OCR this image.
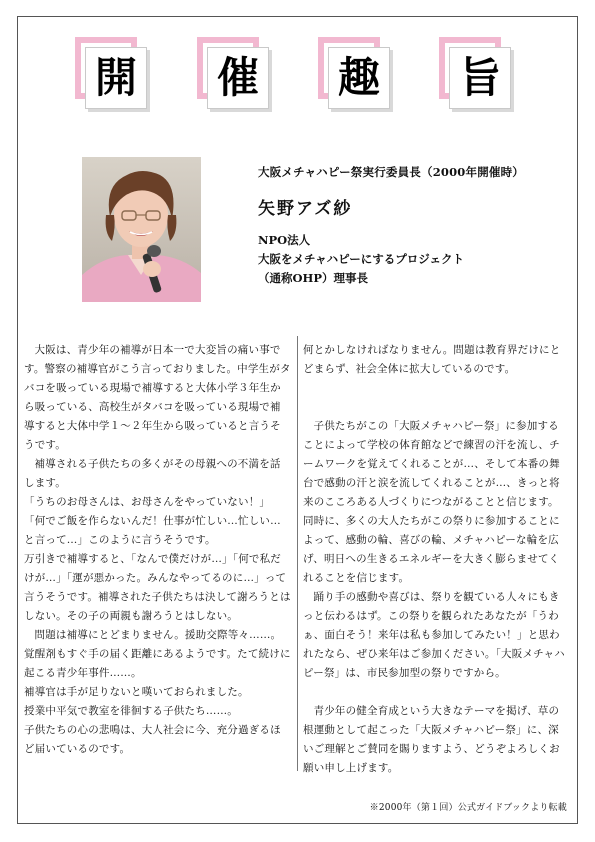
開 催 趣 旨
大阪メチャハピー祭実行委員長（2000年開催時）
矢野アズ紗
NPO法人
大阪をメチャハピーにするプロジェクト
（通称OHP）理事長

大阪は、青少年の補導が日本一で大変旨の痛い事です。警察の補導官がこう言っておりました。中学生がタバコを吸っている現場で補導すると大体小学３年生から吸っている、高校生がタバコを吸っている現場で補導すると大体中学１～２年生から吸っていると言うそうです。

補導される子供たちの多くがその母親への不満を話します。

「うちのお母さんは、お母さんをやっていない！」

「何でご飯を作らないんだ！仕事が忙しい…忙しい…と言って…」このように言うそうです。

万引きで補導すると、「なんで僕だけが…」「何で私だけが…」「運が悪かった。みんなやってるのに…」って言うそうです。補導された子供たちは決して謝ろうとはしない。その子の両親も謝ろうとはしない。

問題は補導にとどまりません。援助交際等々……。覚醒剤もすぐ手の届く距離にあるようです。たて続けに起こる青少年事件……。

補導官は手が足りないと嘆いておられました。

授業中平気で教室を徘徊する子供たち……。

子供たちの心の悲鳴は、大人社会に今、充分過ぎるほど届いているのです。

何とかしなければなりません。問題は教育界だけにとどまらず、社会全体に拡大しているのです。

子供たちがこの「大阪メチャハピー祭」に参加することによって学校の体育館などで練習の汗を流し、チームワークを覚えてくれることが…、そして本番の舞台で感動の汗と涙を流してくれることが…、きっと将来のこころある人づくりにつながることと信じます。

同時に、多くの大人たちがこの祭りに参加することによって、感動の輪、喜びの輪、メチャハピーな輪を広げ、明日への生きるエネルギーを大きく膨らませてくれることを信じます。

踊り手の感動や喜びは、祭りを観ている人々にもきっと伝わるはず。この祭りを観られたあなたが「うわぁ、面白そう！来年は私も参加してみたい！」と思われたなら、ぜひ来年はご参加ください。「大阪メチャハピー祭」は、市民参加型の祭りですから。

青少年の健全育成という大きなテーマを掲げ、草の根運動として起こった「大阪メチャハピー祭」に、深いご理解とご賛同を賜りますよう、どうぞよろしくお願い申し上げます。

※2000年（第１回）公式ガイドブックより転載
